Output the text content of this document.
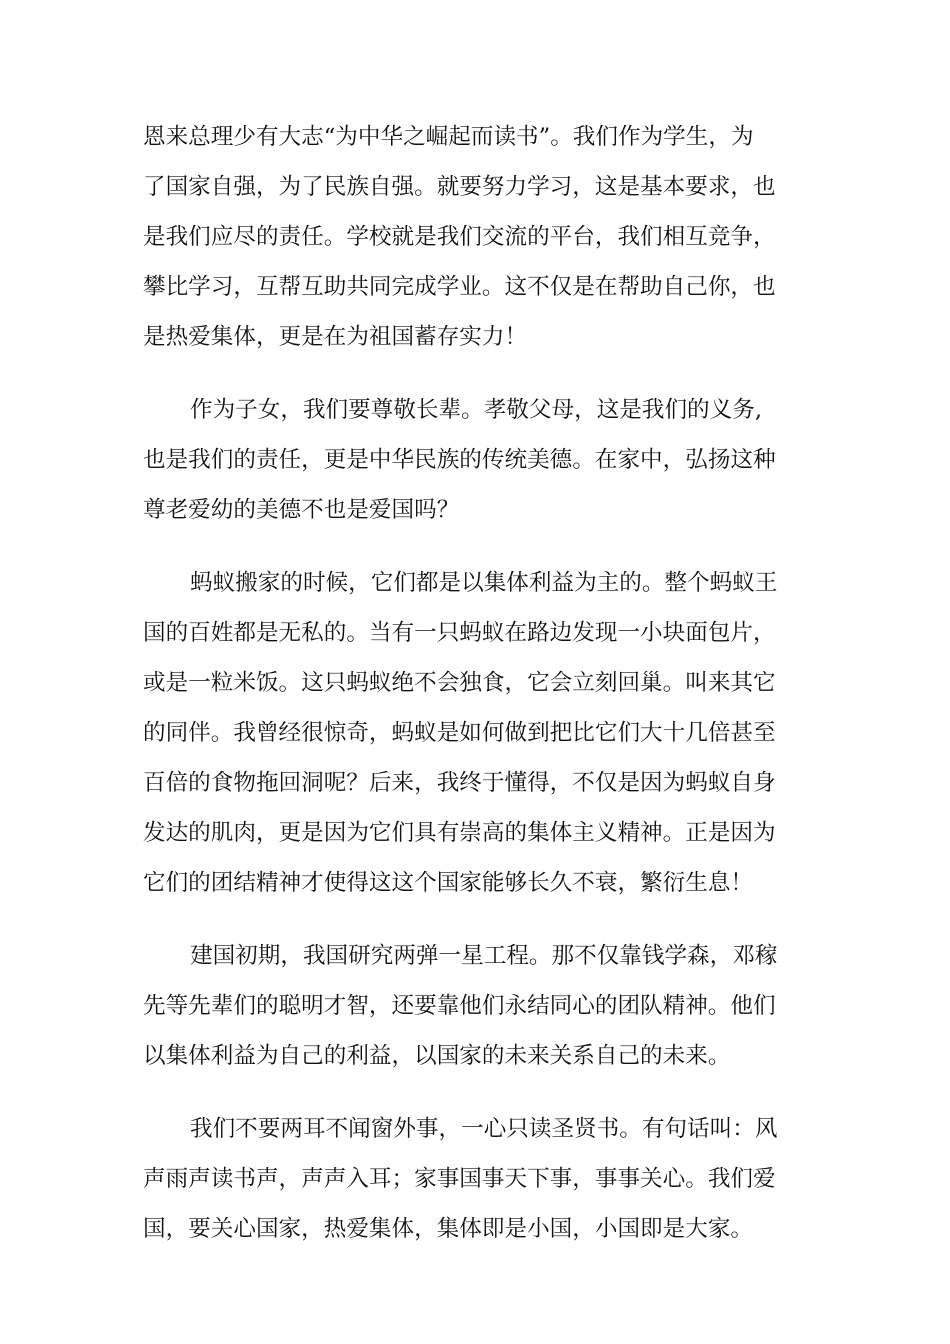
恩来总理少有大志“为中华之崛起而读书”。我们作为学生，为
了国家自强，为了民族自强。就要努力学习，这是基本要求，也
是我们应尽的责任。学校就是我们交流的平台，我们相互竞争，
攀比学习，互帮互助共同完成学业。这不仅是在帮助自己你，也
是热爱集体，更是在为祖国蓄存实力！
作为子女，我们要尊敬长辈。孝敬父母，这是我们的义务,
也是我们的责任，更是中华民族的传统美德。在家中，弘扬这种
尊老爱幼的美德不也是爱国吗？
蚂蚁搬家的时候，它们都是以集体利益为主的。整个蚂蚁王
国的百姓都是无私的。当有一只蚂蚁在路边发现一小块面包片，
或是一粒米饭。这只蚂蚁绝不会独食，它会立刻回巢。叫来其它
的同伴。我曾经很惊奇，蚂蚁是如何做到把比它们大十几倍甚至
百倍的食物拖回洞呢？后来，我终于懂得，不仅是因为蚂蚁自身
发达的肌肉，更是因为它们具有崇高的集体主义精神。正是因为
它们的团结精神才使得这这个国家能够长久不衰，繁衍生息！
建国初期，我国研究两弹一星工程。那不仅靠钱学森，邓稼
先等先辈们的聪明才智，还要靠他们永结同心的团队精神。他们
以集体利益为自己的利益，以国家的未来关系自己的未来。
我们不要两耳不闻窗外事，一心只读圣贤书。有句话叫：风
声雨声读书声，声声入耳；家事国事天下事，事事关心。我们爱
国，要关心国家，热爱集体，集体即是小国，小国即是大家。
